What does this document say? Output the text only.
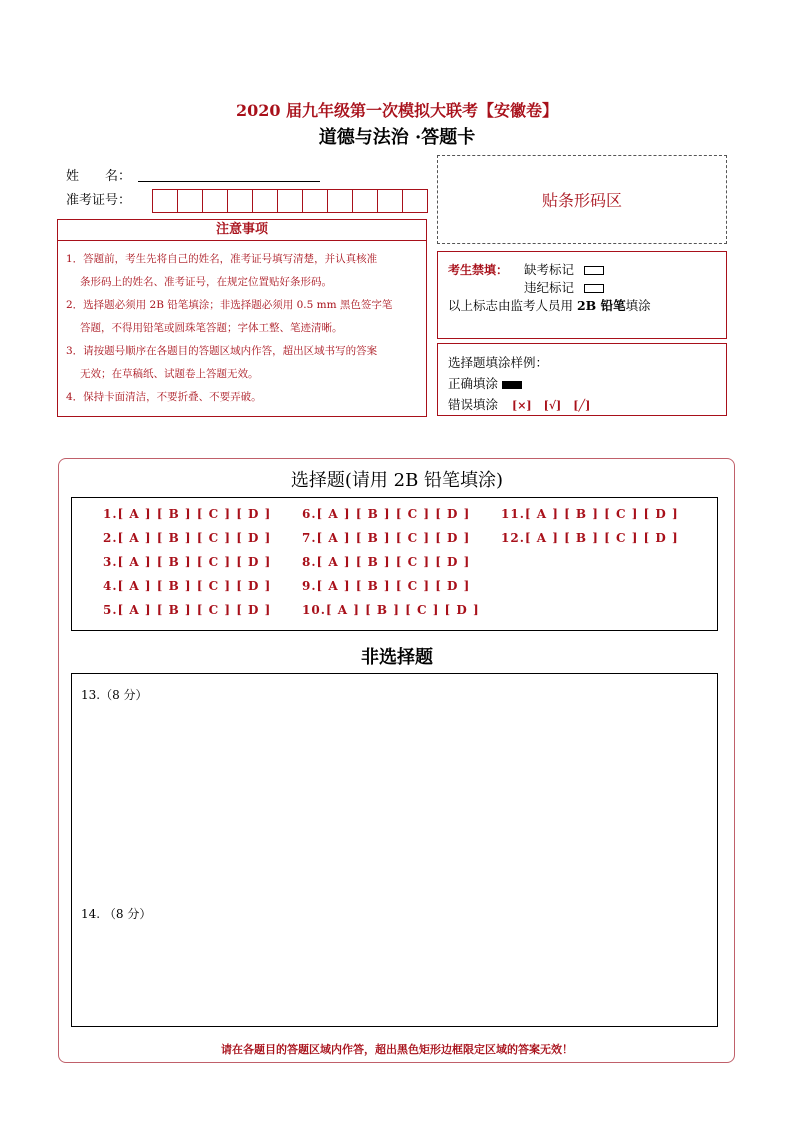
2020 届九年级第一次模拟大联考【安徽卷】
道德与法治 ·答题卡
姓　　名：
准考证号：	贴条形码区
注意事项
1．答题前，考生先将自己的姓名，准考证号填写清楚，并认真核准
条形码上的姓名、准考证号，在规定位置贴好条形码。
2．选择题必须用 2B 铅笔填涂；非选择题必须用 0.5 mm 黑色签字笔
答题，不得用铅笔或圆珠笔答题；字体工整、笔迹清晰。
3．请按题号顺序在各题目的答题区域内作答，超出区域书写的答案
无效；在草稿纸、试题卷上答题无效。
4．保持卡面清洁，不要折叠、不要弄破。
考生禁填： 缺考标记
违纪标记
以上标志由监考人员用 2B 铅笔填涂
选择题填涂样例：
正确填涂
错误填涂 [×] [√] [╱]
选择题(请用 2B 铅笔填涂)
1.[ A ] [ B ] [ C ] [ D ]
2.[ A ] [ B ] [ C ] [ D ]
3.[ A ] [ B ] [ C ] [ D ]
4.[ A ] [ B ] [ C ] [ D ]
5.[ A ] [ B ] [ C ] [ D ]
6.[ A ] [ B ] [ C ] [ D ]
7.[ A ] [ B ] [ C ] [ D ]
8.[ A ] [ B ] [ C ] [ D ]
9.[ A ] [ B ] [ C ] [ D ]
10.[ A ] [ B ] [ C ] [ D ]
11.[ A ] [ B ] [ C ] [ D ]
12.[ A ] [ B ] [ C ] [ D ]
非选择题
13.（8 分）
14. （8 分）
请在各题目的答题区域内作答，超出黑色矩形边框限定区域的答案无效！
